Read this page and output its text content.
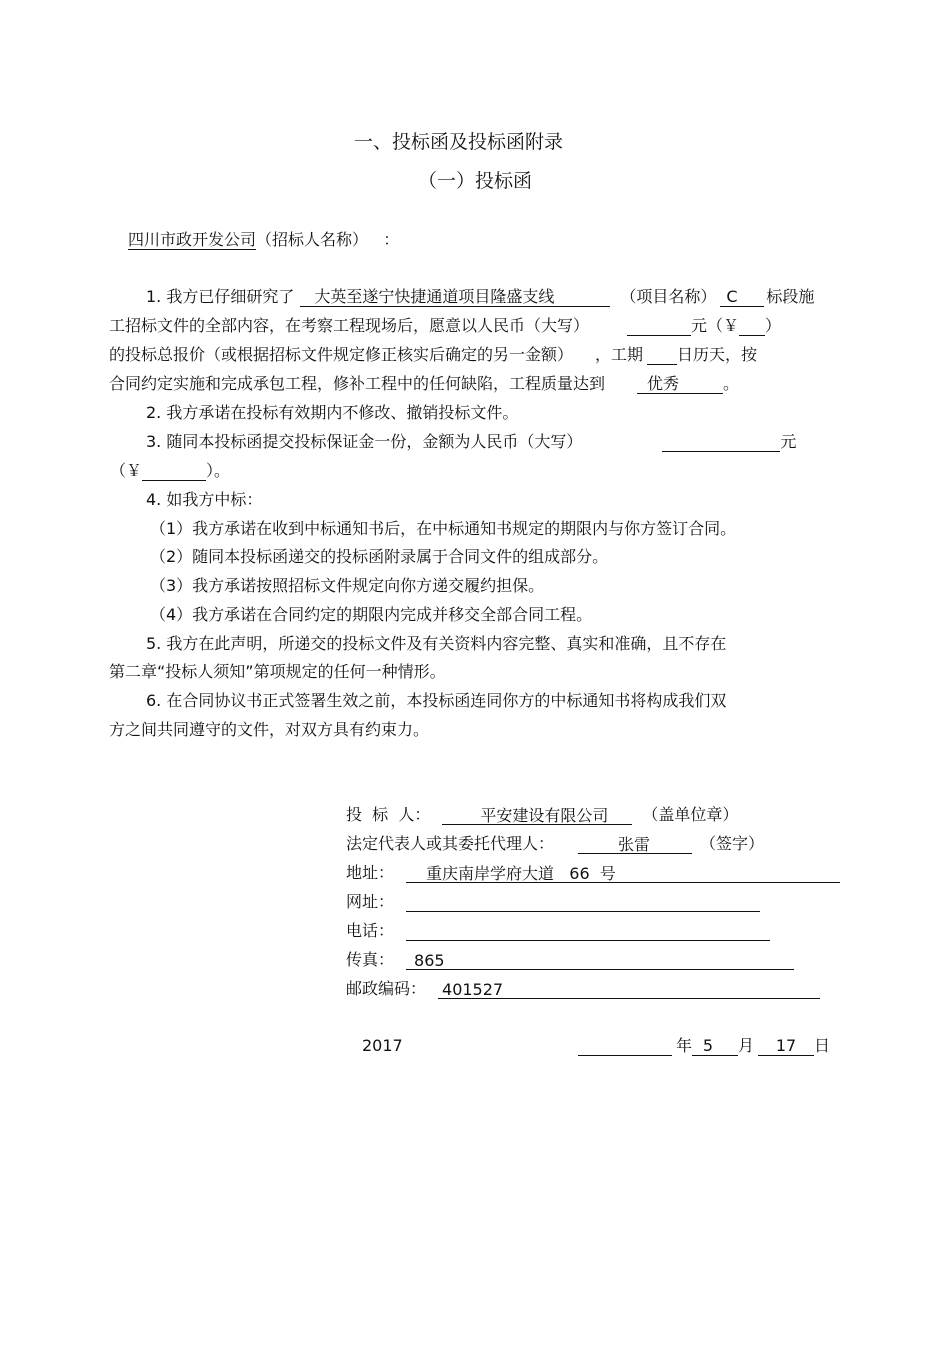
一、投标函及投标函附录
（一）投标函
四川市政开发公司（招标人名称） ：
1. 我方已仔细研究了 大英至遂宁快捷通道项目隆盛支线	（项目名称） C 标段施
工招标文件的全部内容，在考察工程现场后，愿意以人民币（大写）	元（￥ ）
的投标总报价（或根据招标文件规定修正核实后确定的另一金额） ，工期 日历天，按
合同约定实施和完成承包工程，修补工程中的任何缺陷，工程质量达到	优秀	。
2. 我方承诺在投标有效期内不修改、撤销投标文件。
3. 随同本投标函提交投标保证金一份，金额为人民币（大写）	元
（￥	）。
4. 如我方中标：
（1）我方承诺在收到中标通知书后，在中标通知书规定的期限内与你方签订合同。
（2）随同本投标函递交的投标函附录属于合同文件的组成部分。
（3）我方承诺按照招标文件规定向你方递交履约担保。
（4）我方承诺在合同约定的期限内完成并移交全部合同工程。
5. 我方在此声明，所递交的投标文件及有关资料内容完整、真实和准确，且不存在
第二章“投标人须知”第项规定的任何一种情形。
6. 在合同协议书正式签署生效之前，本投标函连同你方的中标通知书将构成我们双
方之间共同遵守的文件，对双方具有约束力。
投  标  人：	平安建设有限公司 （盖单位章）
法定代表人或其委托代理人：	张雷	（签字）
地址： 重庆南岸学府大道   66  号
网址：
电话：
传真： 865
邮政编码： 401527
2017	年 5 月 17 日
